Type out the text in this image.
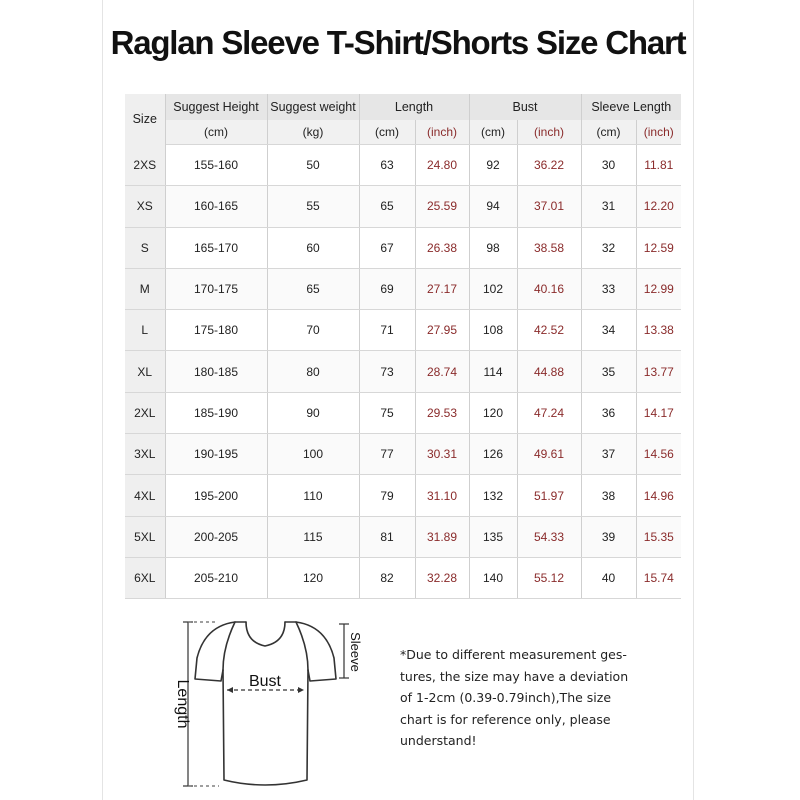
Raglan Sleeve T-Shirt/Shorts Size Chart
Size	Suggest Height	Suggest weight	Length		Bust		Sleeve Length	
	(cm)	(kg)	(cm)	(inch)	(cm)	(inch)	(cm)	(inch)
2XS	155-160	50	63	24.80	92	36.22	30	11.81
XS	160-165	55	65	25.59	94	37.01	31	12.20
S	165-170	60	67	26.38	98	38.58	32	12.59
M	170-175	65	69	27.17	102	40.16	33	12.99
L	175-180	70	71	27.95	108	42.52	34	13.38
XL	180-185	80	73	28.74	114	44.88	35	13.77
2XL	185-190	90	75	29.53	120	47.24	36	14.17
3XL	190-195	100	77	30.31	126	49.61	37	14.56
4XL	195-200	110	79	31.10	132	51.97	38	14.96
5XL	200-205	115	81	31.89	135	54.33	39	15.35
6XL	205-210	120	82	32.28	140	55.12	40	15.74
Bust
Length
Sleeve	*Due to different measurement ges-
tures, the size may have a deviation
of 1-2cm (0.39-0.79inch),The size
chart is for reference only, please
understand!
